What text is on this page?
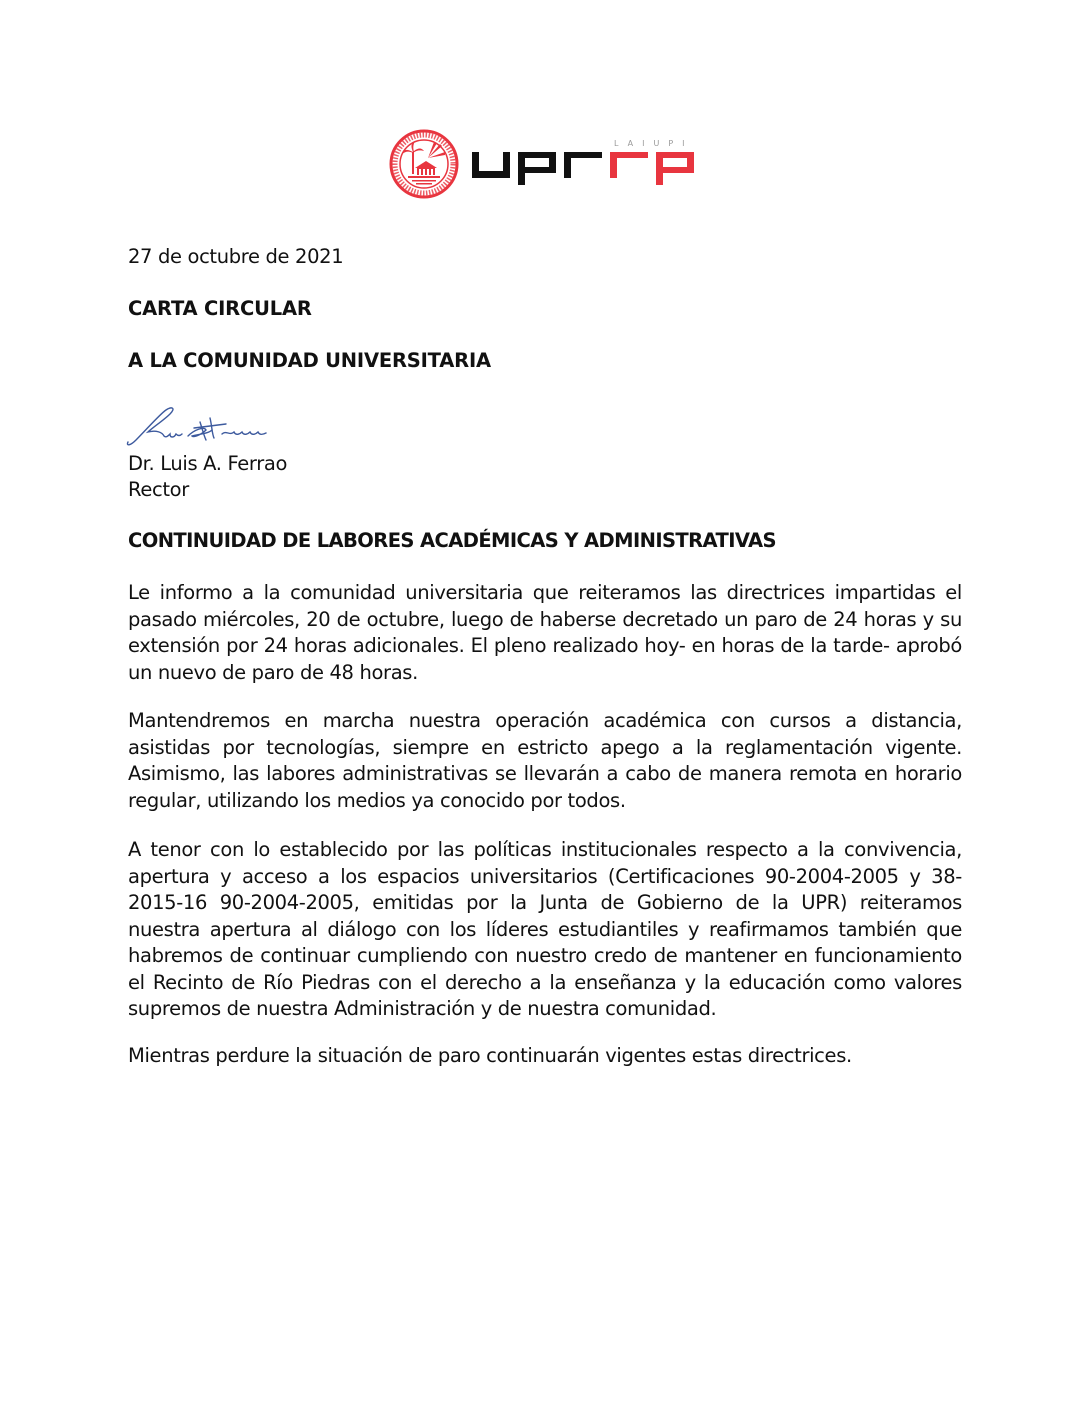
LAIUPI
27 de octubre de 2021
CARTA CIRCULAR
A LA COMUNIDAD UNIVERSITARIA
Dr. Luis A. Ferrao
Rector
CONTINUIDAD DE LABORES ACADÉMICAS Y ADMINISTRATIVAS
Le informo a la comunidad universitaria que reiteramos las directrices impartidas el pasado miércoles, 20 de octubre, luego de haberse decretado un paro de 24 horas y su extensión por 24 horas adicionales. El pleno realizado hoy- en horas de la tarde- aprobó un nuevo de paro de 48 horas.
Mantendremos en marcha nuestra operación académica con cursos a distancia, asistidas por tecnologías, siempre en estricto apego a la reglamentación vigente. Asimismo, las labores administrativas se llevarán a cabo de manera remota en horario regular, utilizando los medios ya conocido por todos.
A tenor con lo establecido por las políticas institucionales respecto a la convivencia, apertura y acceso a los espacios universitarios (Certificaciones 90-2004-2005 y 38-2015-16 90-2004-2005, emitidas por la Junta de Gobierno de la UPR) reiteramos nuestra apertura al diálogo con los líderes estudiantiles y reafirmamos también que habremos de continuar cumpliendo con nuestro credo de mantener en funcionamiento el Recinto de Río Piedras con el derecho a la enseñanza y la educación como valores supremos de nuestra Administración y de nuestra comunidad.
Mientras perdure la situación de paro continuarán vigentes estas directrices.
